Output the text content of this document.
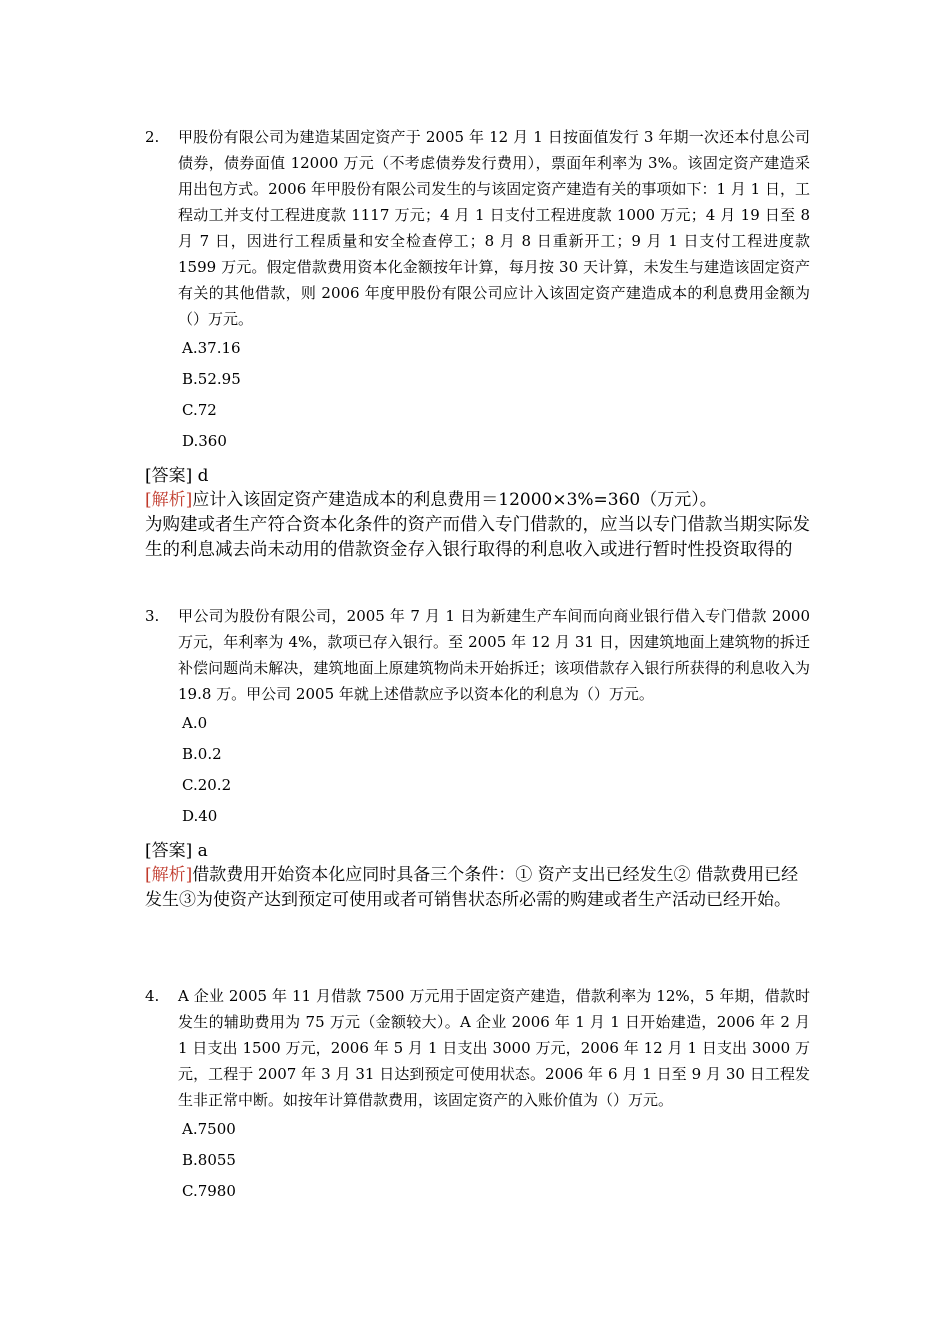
2.	甲股份有限公司为建造某固定资产于 2005 年 12 月 1 日按面值发行 3 年期一次还本付息公司债券，债券面值 12000 万元（不考虑债券发行费用），票面年利率为 3%。该固定资产建造采用出包方式。2006 年甲股份有限公司发生的与该固定资产建造有关的事项如下：1 月 1 日，工程动工并支付工程进度款 1117 万元；4 月 1 日支付工程进度款 1000 万元；4 月 19 日至 8 月 7 日，因进行工程质量和安全检查停工；8 月 8 日重新开工；9 月 1 日支付工程进度款 1599 万元。假定借款费用资本化金额按年计算，每月按 30 天计算，未发生与建造该固定资产有关的其他借款，则 2006 年度甲股份有限公司应计入该固定资产建造成本的利息费用金额为 （）万元。
A.37.16
B.52.95
C.72
D.360
[答案] d
[解析]应计入该固定资产建造成本的利息费用＝12000×3%=360（万元）。
为购建或者生产符合资本化条件的资产而借入专门借款的，应当以专门借款当期实际发生的利息减去尚未动用的借款资金存入银行取得的利息收入或进行暂时性投资取得的
3.	甲公司为股份有限公司，2005 年 7 月 1 日为新建生产车间而向商业银行借入专门借款 2000 万元，年利率为 4%，款项已存入银行。至 2005 年 12 月 31 日，因建筑地面上建筑物的拆迁补偿问题尚未解决，建筑地面上原建筑物尚未开始拆迁；该项借款存入银行所获得的利息收入为 19.8 万。甲公司 2005 年就上述借款应予以资本化的利息为（）万元。
A.0
B.0.2
C.20.2
D.40
[答案] a
[解析]借款费用开始资本化应同时具备三个条件：① 资产支出已经发生② 借款费用已经发生③为使资产达到预定可使用或者可销售状态所必需的购建或者生产活动已经开始。
4.	A 企业 2005 年 11 月借款 7500 万元用于固定资产建造，借款利率为 12%，5 年期，借款时发生的辅助费用为 75 万元（金额较大）。A 企业 2006 年 1 月 1 日开始建造，2006 年 2 月 1 日支出 1500 万元，2006 年 5 月 1 日支出 3000 万元，2006 年 12 月 1 日支出 3000 万元，工程于 2007 年 3 月 31 日达到预定可使用状态。2006 年 6 月 1 日至 9 月 30 日工程发生非正常中断。如按年计算借款费用，该固定资产的入账价值为（）万元。
A.7500
B.8055
C.7980
